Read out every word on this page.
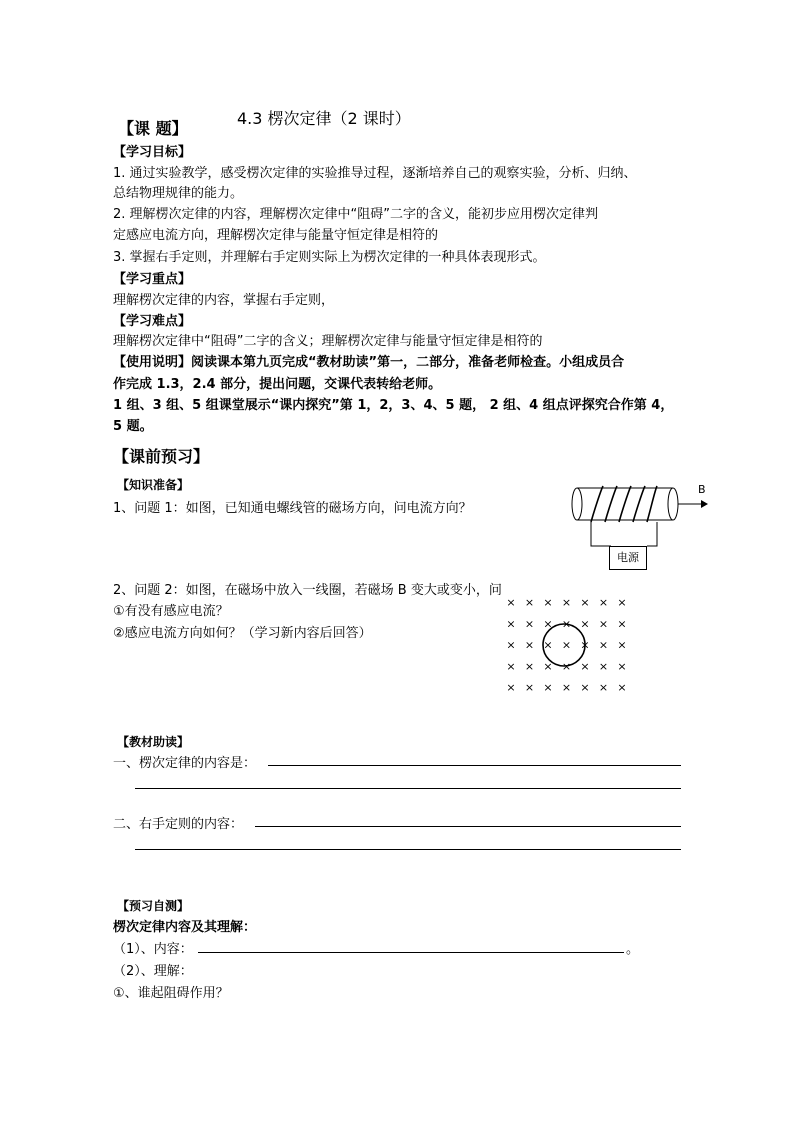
【课 题】
4.3 楞次定律（2 课时）
【学习目标】
1. 通过实验教学，感受楞次定律的实验推导过程，逐渐培养自己的观察实验，分析、归纳、
总结物理规律的能力。
2. 理解楞次定律的内容，理解楞次定律中“阻碍”二字的含义，能初步应用楞次定律判
定感应电流方向，理解楞次定律与能量守恒定律是相符的
3. 掌握右手定则，并理解右手定则实际上为楞次定律的一种具体表现形式。
【学习重点】
理解楞次定律的内容，掌握右手定则，
【学习难点】
理解楞次定律中“阻碍”二字的含义；理解楞次定律与能量守恒定律是相符的
【使用说明】阅读课本第九页完成“教材助读”第一，二部分，准备老师检查。小组成员合
作完成 1.3，2.4 部分，提出问题，交课代表转给老师。
1 组、3 组、5 组课堂展示“课内探究”第 1，2，3、4、5 题， 2 组、4 组点评探究合作第 4，
5 题。
【课前预习】
【知识准备】
1、问题 1：如图，已知通电螺线管的磁场方向，问电流方向？
B
电源
2、问题 2：如图，在磁场中放入一线圈，若磁场 B 变大或变小，问
①有没有感应电流？
②感应电流方向如何？（学习新内容后回答）
× × × × × × ×
× × × × × × ×
× × × × × × ×
× × × × × × ×
× × × × × × ×
【教材助读】
一、楞次定律的内容是：
二、右手定则的内容：
【预习自测】
楞次定律内容及其理解：
（1）、内容：	。
（2）、理解：
①、谁起阻碍作用？
